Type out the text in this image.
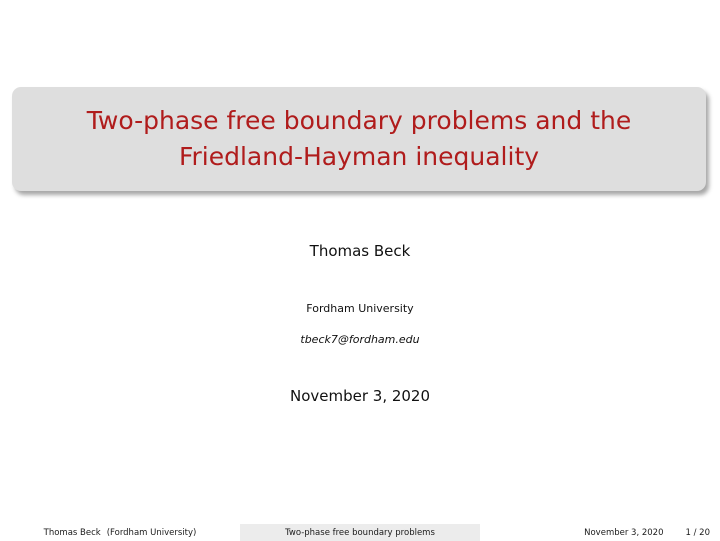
Two-phase free boundary problems and the
Friedland-Hayman inequality
Thomas Beck
Fordham University
tbeck7@fordham.edu
November 3, 2020
Thomas Beck (Fordham University)	Two-phase free boundary problems	November 3, 2020	1 / 20
